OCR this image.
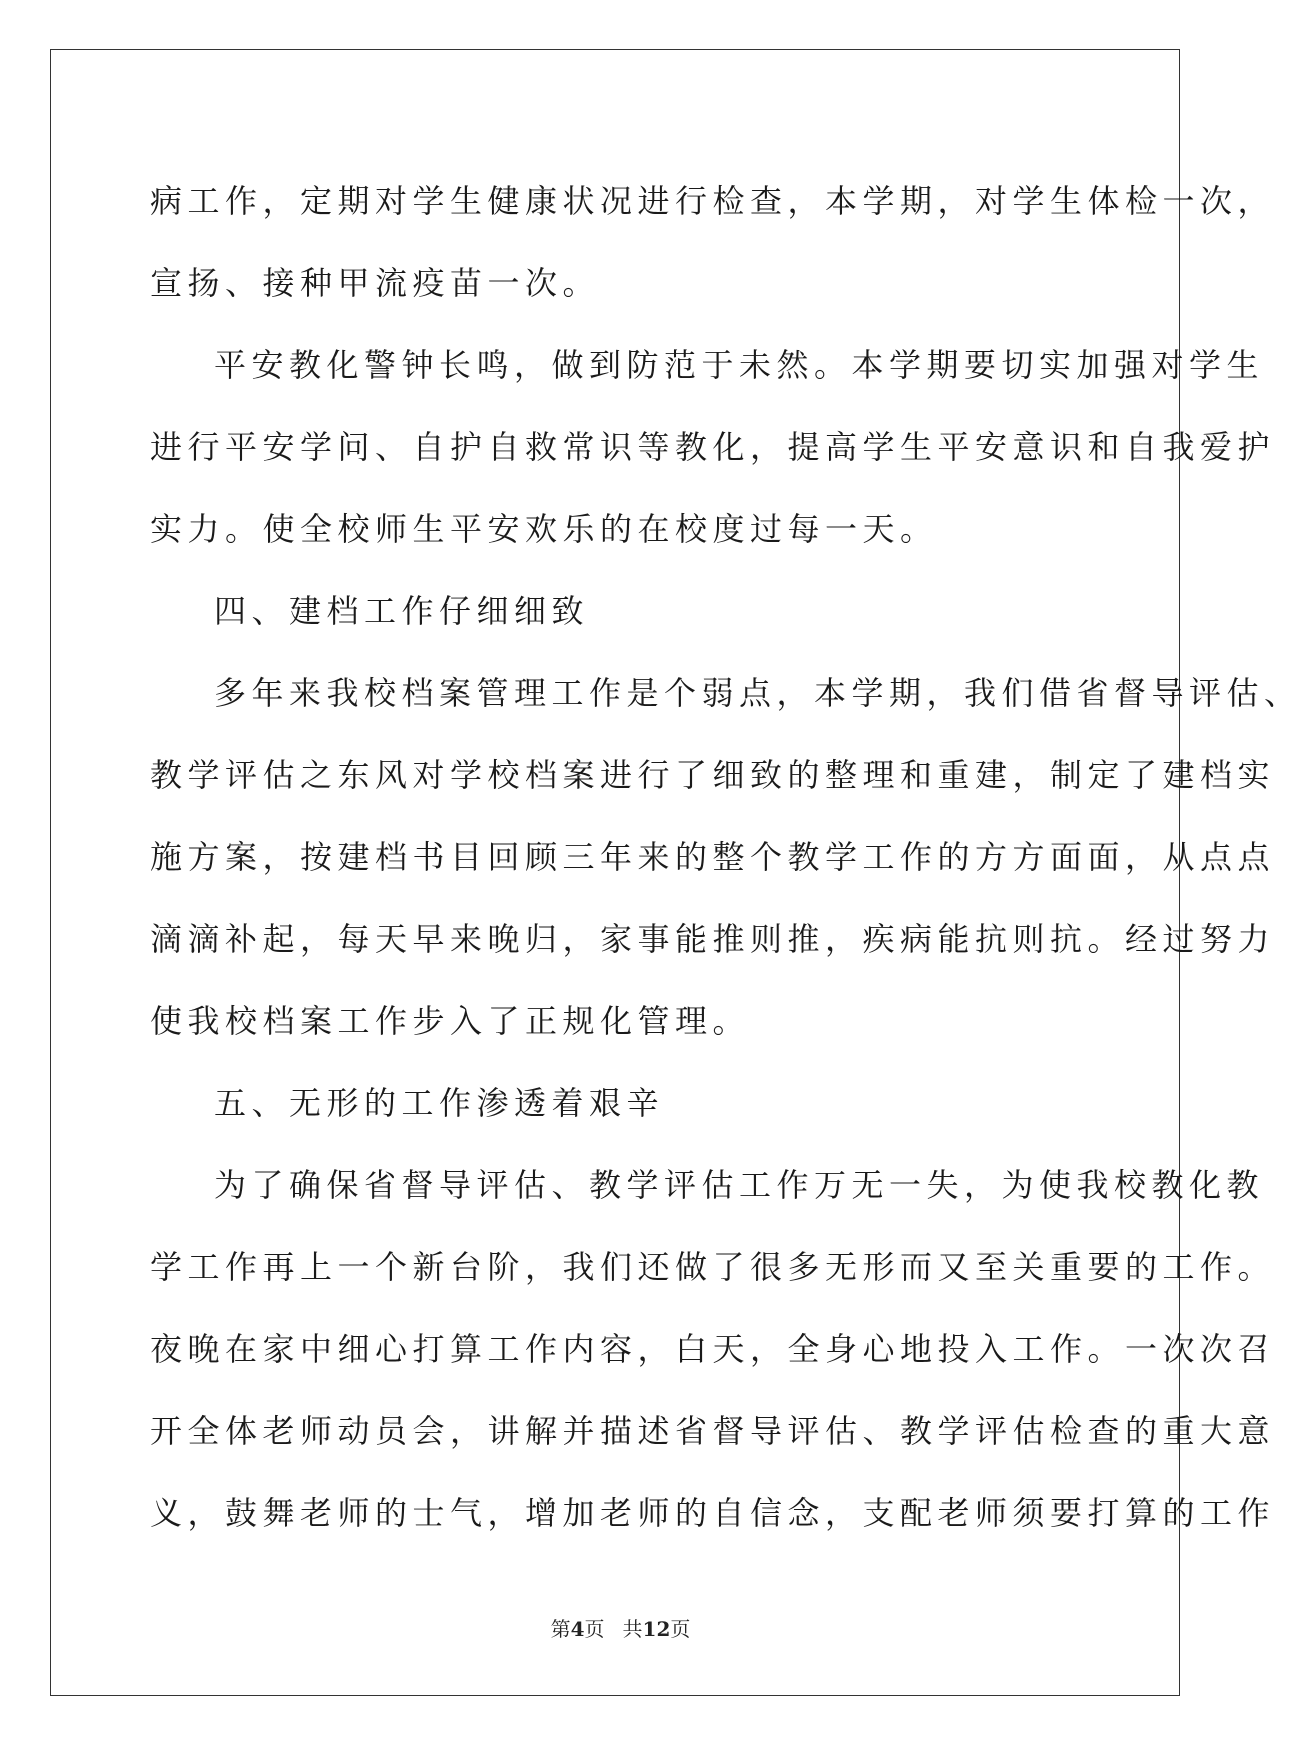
病工作，定期对学生健康状况进行检查，本学期，对学生体检一次，
宣扬、接种甲流疫苗一次。
平安教化警钟长鸣，做到防范于未然。本学期要切实加强对学生
进行平安学问、自护自救常识等教化，提高学生平安意识和自我爱护
实力。使全校师生平安欢乐的在校度过每一天。
四、建档工作仔细细致
多年来我校档案管理工作是个弱点，本学期，我们借省督导评估、
教学评估之东风对学校档案进行了细致的整理和重建，制定了建档实
施方案，按建档书目回顾三年来的整个教学工作的方方面面，从点点
滴滴补起，每天早来晚归，家事能推则推，疾病能抗则抗。经过努力
使我校档案工作步入了正规化管理。
五、无形的工作渗透着艰辛
为了确保省督导评估、教学评估工作万无一失，为使我校教化教
学工作再上一个新台阶，我们还做了很多无形而又至关重要的工作。
夜晚在家中细心打算工作内容，白天，全身心地投入工作。一次次召
开全体老师动员会，讲解并描述省督导评估、教学评估检查的重大意
义，鼓舞老师的士气，增加老师的自信念，支配老师须要打算的工作
第4页 共12页
